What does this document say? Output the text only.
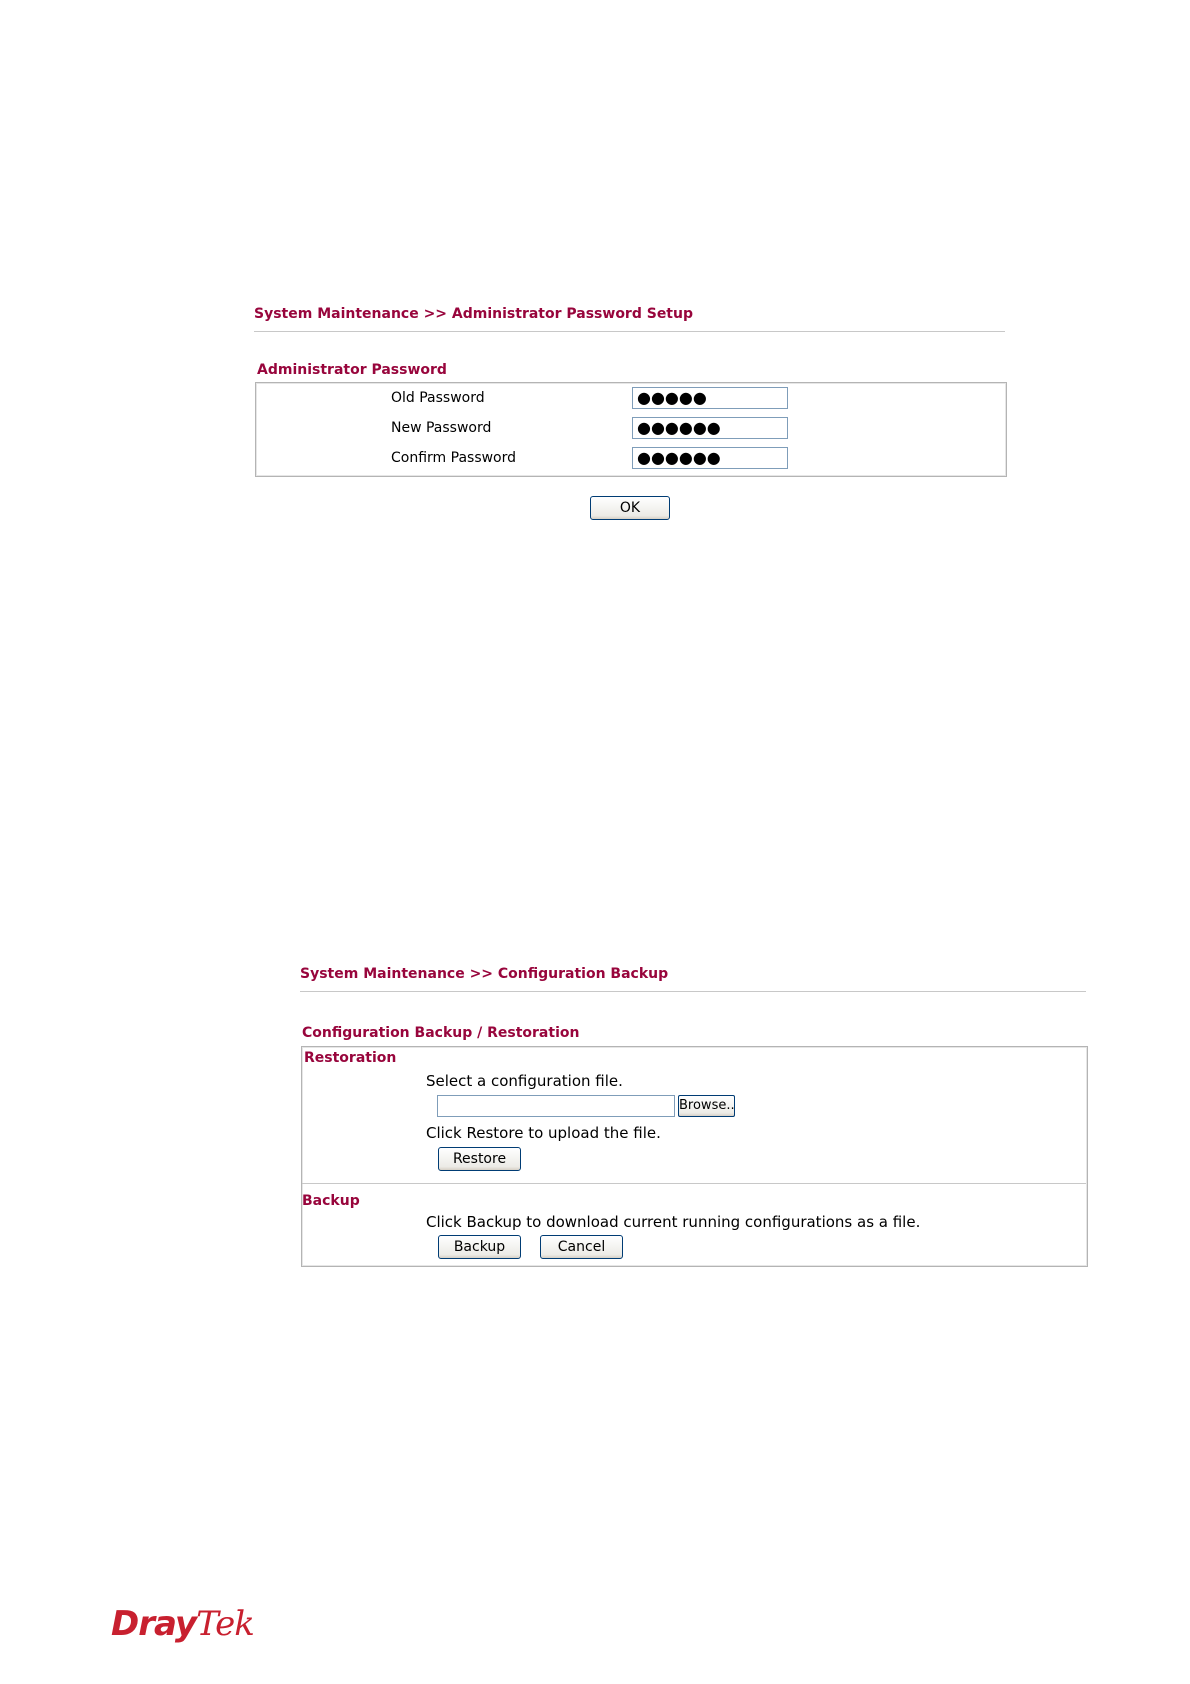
System Maintenance >> Administrator Password Setup
Administrator Password
Old Password	●●●●●
New Password	●●●●●●
Confirm Password	●●●●●●
OK
System Maintenance >> Configuration Backup
Configuration Backup / Restoration
Restoration
Select a configuration file.
Browse..
Click Restore to upload the file.
Restore
Backup
Click Backup to download current running configurations as a file.
Backup	Cancel
DrayTek
